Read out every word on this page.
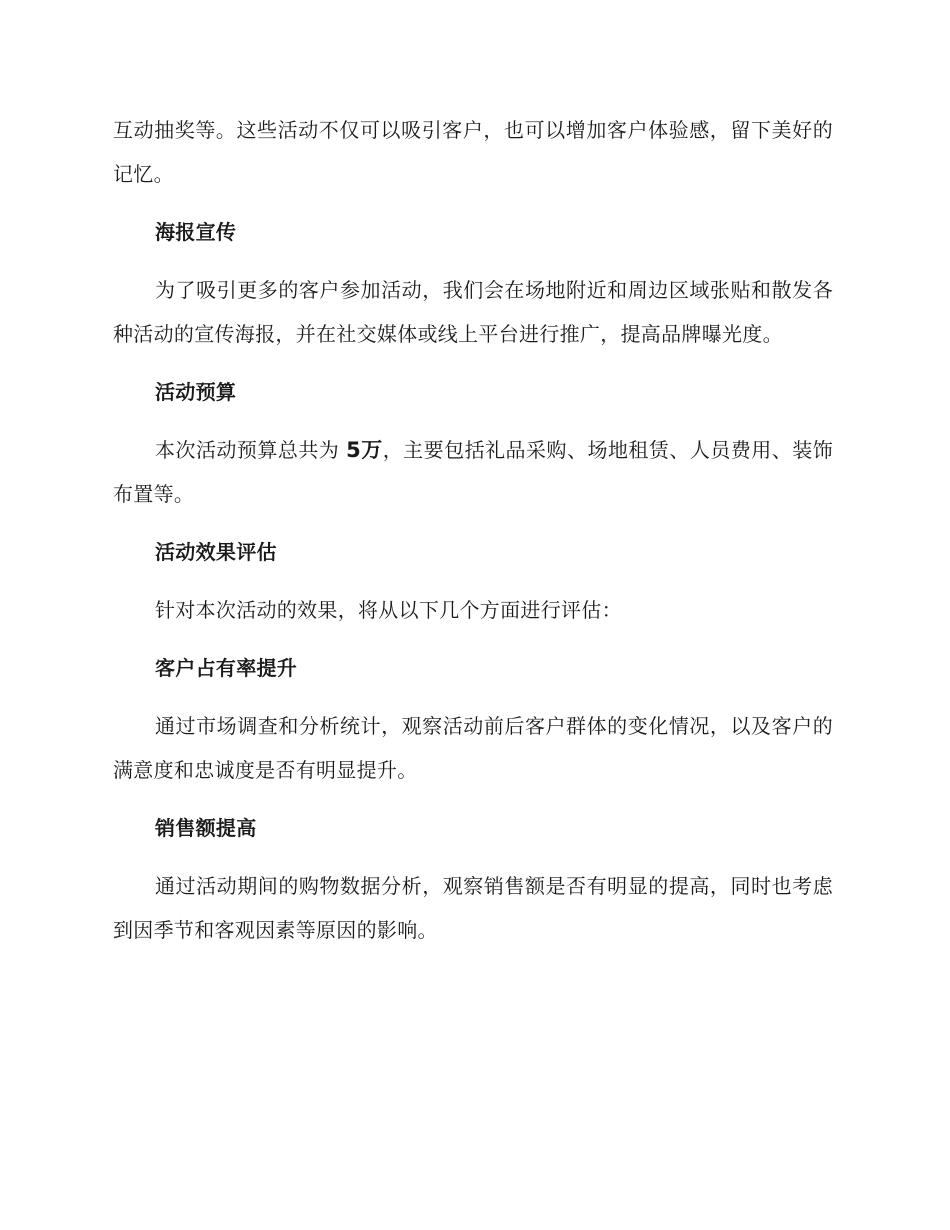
互动抽奖等。这些活动不仅可以吸引客户，也可以增加客户体验感，留下美好的记忆。

海报宣传

为了吸引更多的客户参加活动，我们会在场地附近和周边区域张贴和散发各种活动的宣传海报，并在社交媒体或线上平台进行推广，提高品牌曝光度。

活动预算

本次活动预算总共为 5万，主要包括礼品采购、场地租赁、人员费用、装饰布置等。

活动效果评估

针对本次活动的效果，将从以下几个方面进行评估：

客户占有率提升

通过市场调查和分析统计，观察活动前后客户群体的变化情况，以及客户的满意度和忠诚度是否有明显提升。

销售额提高

通过活动期间的购物数据分析，观察销售额是否有明显的提高，同时也考虑到因季节和客观因素等原因的影响。
